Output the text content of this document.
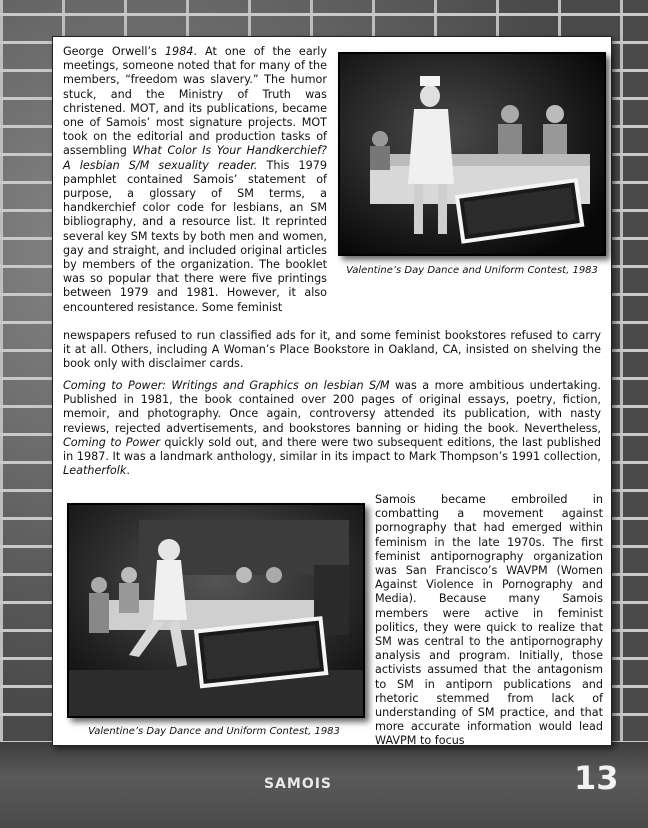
George Orwell’s 1984. At one of the early meetings, someone noted that for many of the members, “freedom was slavery.” The humor stuck, and the Ministry of Truth was christened. MOT, and its publications, became one of Samois’ most signature projects. MOT took on the editorial and production tasks of assembling What Color Is Your Handkerchief? A lesbian S/M sexuality reader. This 1979 pamphlet contained Samois’ statement of purpose, a glossary of SM terms, a handkerchief color code for lesbians, an SM bibliography, and a resource list. It reprinted several key SM texts by both men and women, gay and straight, and included original articles by members of the organization. The booklet was so popular that there were five printings between 1979 and 1981. However, it also encountered resistance. Some feminist

Valentine’s Day Dance and Uniform Contest, 1983

newspapers refused to run classified ads for it, and some feminist bookstores refused to carry it at all. Others, including A Woman’s Place Bookstore in Oakland, CA, insisted on shelving the book only with disclaimer cards.

Coming to Power: Writings and Graphics on lesbian S/M was a more ambitious undertaking. Published in 1981, the book contained over 200 pages of original essays, poetry, fiction, memoir, and photography. Once again, controversy attended its publication, with nasty reviews, rejected advertisements, and bookstores banning or hiding the book. Nevertheless, Coming to Power quickly sold out, and there were two subsequent editions, the last published in 1987. It was a landmark anthology, similar in its impact to Mark Thompson’s 1991 collection, Leatherfolk.

Valentine’s Day Dance and Uniform Contest, 1983

Samois became embroiled in combatting a movement against pornography that had emerged within feminism in the late 1970s. The first feminist antipornography organization was San Francisco’s WAVPM (Women Against Violence in Pornography and Media). Because many Samois members were active in feminist politics, they were quick to realize that SM was central to the antipornography analysis and program. Initially, those activists assumed that the antagonism to SM in antiporn publications and rhetoric stemmed from lack of understanding of SM practice, and that more accurate information would lead WAVPM to focus

SAMOIS	13
